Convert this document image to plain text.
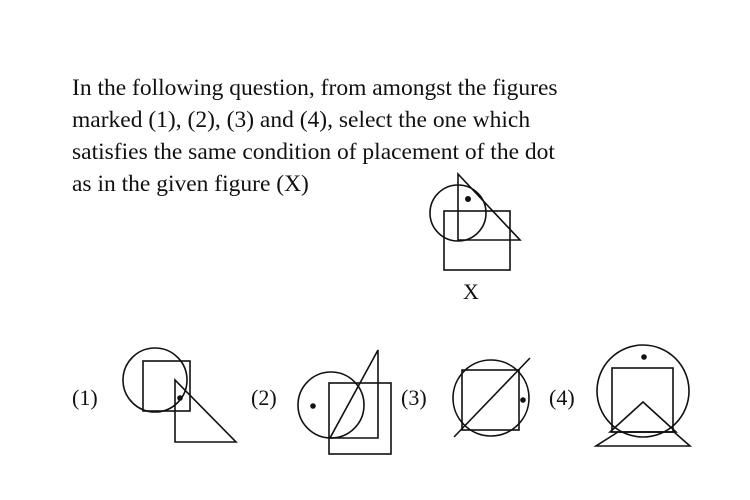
In the following question, from amongst the figures
marked (1), (2), (3) and (4), select the one which
satisfies the same condition of placement of the dot
as in the given figure (X)
X
(1)	(2)	(3)	(4)
